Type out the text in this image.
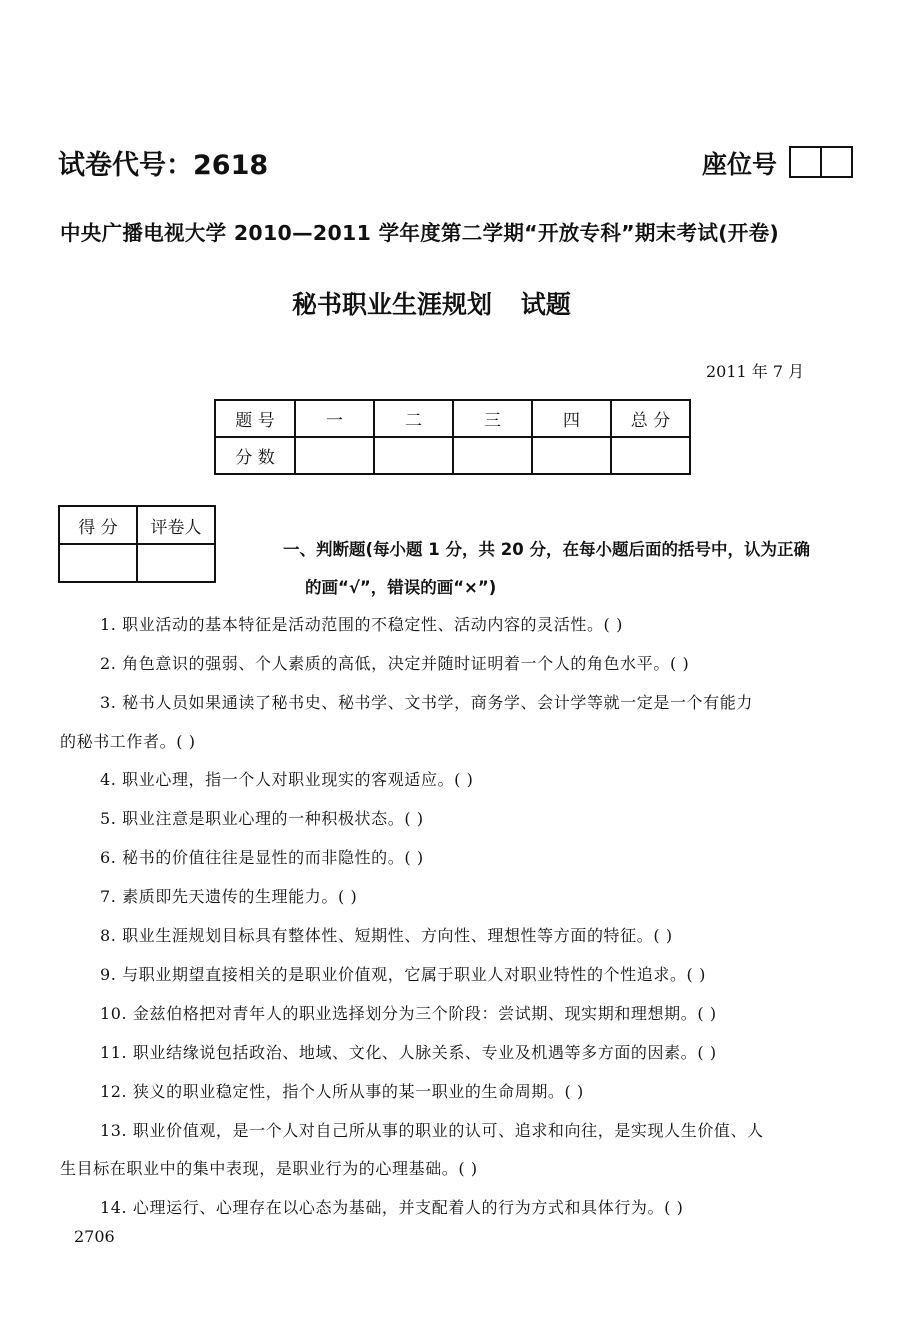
试卷代号：2618	座位号
中央广播电视大学 2010—2011 学年度第二学期“开放专科”期末考试(开卷)
秘书职业生涯规划 试题
2011 年 7 月
题 号	一	二	三	四	总 分
分 数					
得 分	评卷人

一、判断题(每小题 1 分，共 20 分，在每小题后面的括号中，认为正确
的画“√”，错误的画“×”)
1. 职业活动的基本特征是活动范围的不稳定性、活动内容的灵活性。( )
2. 角色意识的强弱、个人素质的高低，决定并随时证明着一个人的角色水平。( )
3. 秘书人员如果通读了秘书史、秘书学、文书学，商务学、会计学等就一定是一个有能力
的秘书工作者。( )
4. 职业心理，指一个人对职业现实的客观适应。( )
5. 职业注意是职业心理的一种积极状态。( )
6. 秘书的价值往往是显性的而非隐性的。( )
7. 素质即先天遗传的生理能力。( )
8. 职业生涯规划目标具有整体性、短期性、方向性、理想性等方面的特征。( )
9. 与职业期望直接相关的是职业价值观，它属于职业人对职业特性的个性追求。( )
10. 金兹伯格把对青年人的职业选择划分为三个阶段：尝试期、现实期和理想期。( )
11. 职业结缘说包括政治、地域、文化、人脉关系、专业及机遇等多方面的因素。( )
12. 狭义的职业稳定性，指个人所从事的某一职业的生命周期。( )
13. 职业价值观，是一个人对自己所从事的职业的认可、追求和向往，是实现人生价值、人
生目标在职业中的集中表现，是职业行为的心理基础。( )
14. 心理运行、心理存在以心态为基础，并支配着人的行为方式和具体行为。( )
2706
